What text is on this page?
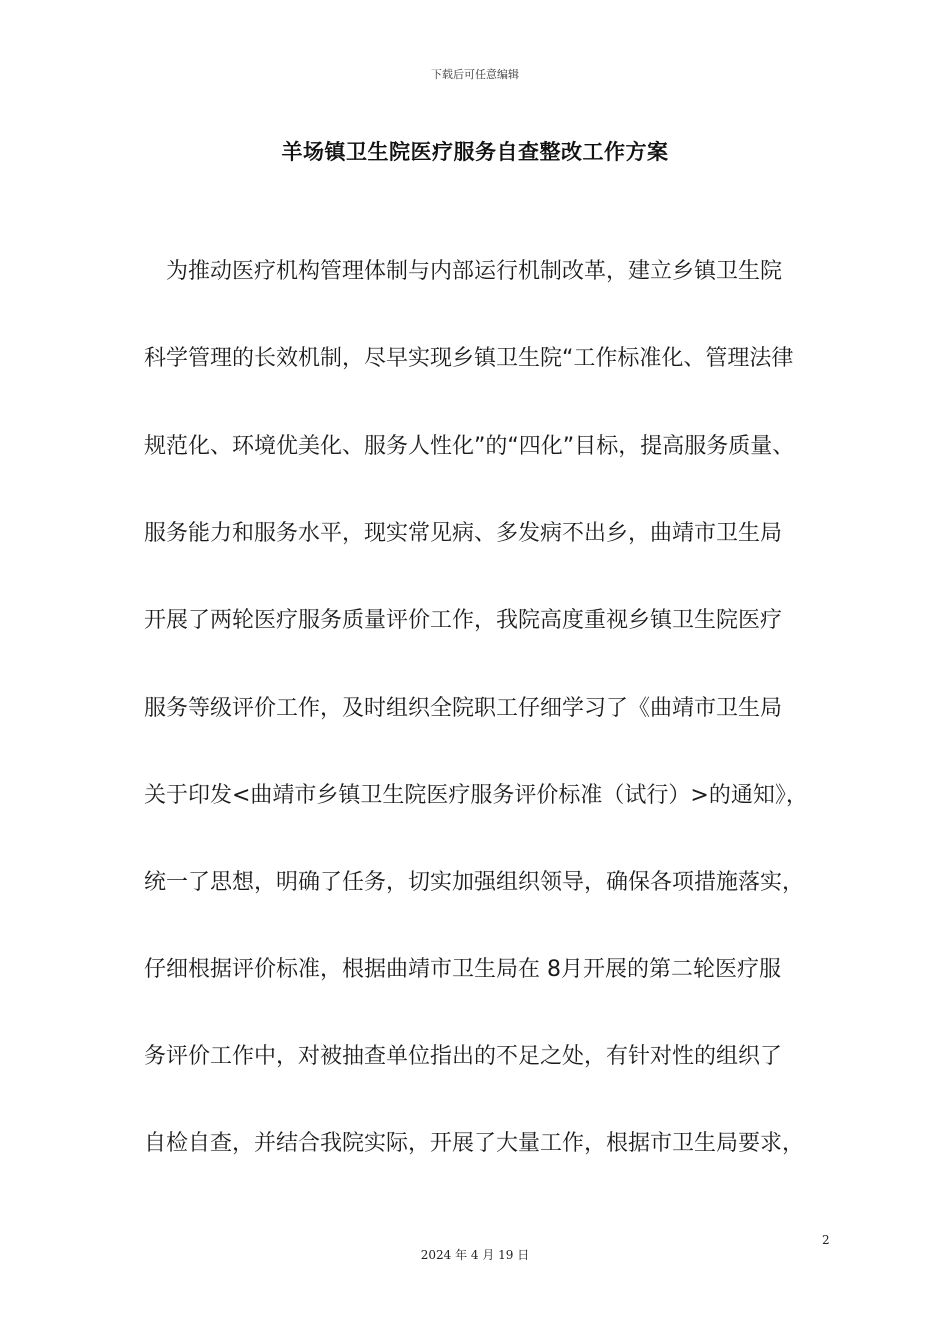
下载后可任意编辑
羊场镇卫生院医疗服务自查整改工作方案
　为推动医疗机构管理体制与内部运行机制改革，建立乡镇卫生院
科学管理的长效机制，尽早实现乡镇卫生院“工作标准化、管理法律
规范化、环境优美化、服务人性化”的“四化”目标，提高服务质量、
服务能力和服务水平，现实常见病、多发病不出乡，曲靖市卫生局
开展了两轮医疗服务质量评价工作，我院高度重视乡镇卫生院医疗
服务等级评价工作，及时组织全院职工仔细学习了《曲靖市卫生局
关于印发<曲靖市乡镇卫生院医疗服务评价标准（试行）>的通知》，
统一了思想，明确了任务，切实加强组织领导，确保各项措施落实，
仔细根据评价标准，根据曲靖市卫生局在 8月开展的第二轮医疗服
务评价工作中，对被抽查单位指出的不足之处，有针对性的组织了
自检自查，并结合我院实际，开展了大量工作，根据市卫生局要求，
2
2024 年 4 月 19 日
